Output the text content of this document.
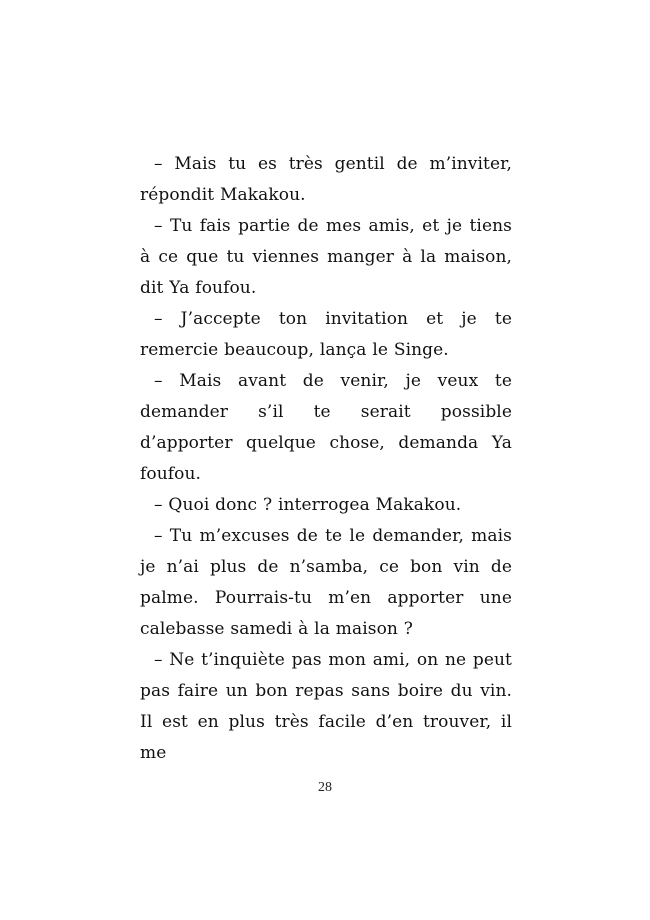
– Mais tu es très gentil de m’inviter, répondit Makakou.

– Tu fais partie de mes amis, et je tiens à ce que tu viennes manger à la maison, dit Ya foufou.

– J’accepte ton invitation et je te remercie beaucoup, lança le Singe.

– Mais avant de venir, je veux te demander s’il te serait possible d’apporter quelque chose, demanda Ya foufou.

– Quoi donc ? interrogea Makakou.

– Tu m’excuses de te le demander, mais je n’ai plus de n’samba, ce bon vin de palme. Pourrais-tu m’en apporter une calebasse samedi à la maison ?

– Ne t’inquiète pas mon ami, on ne peut pas faire un bon repas sans boire du vin. Il est en plus très facile d’en trouver, il me

28
